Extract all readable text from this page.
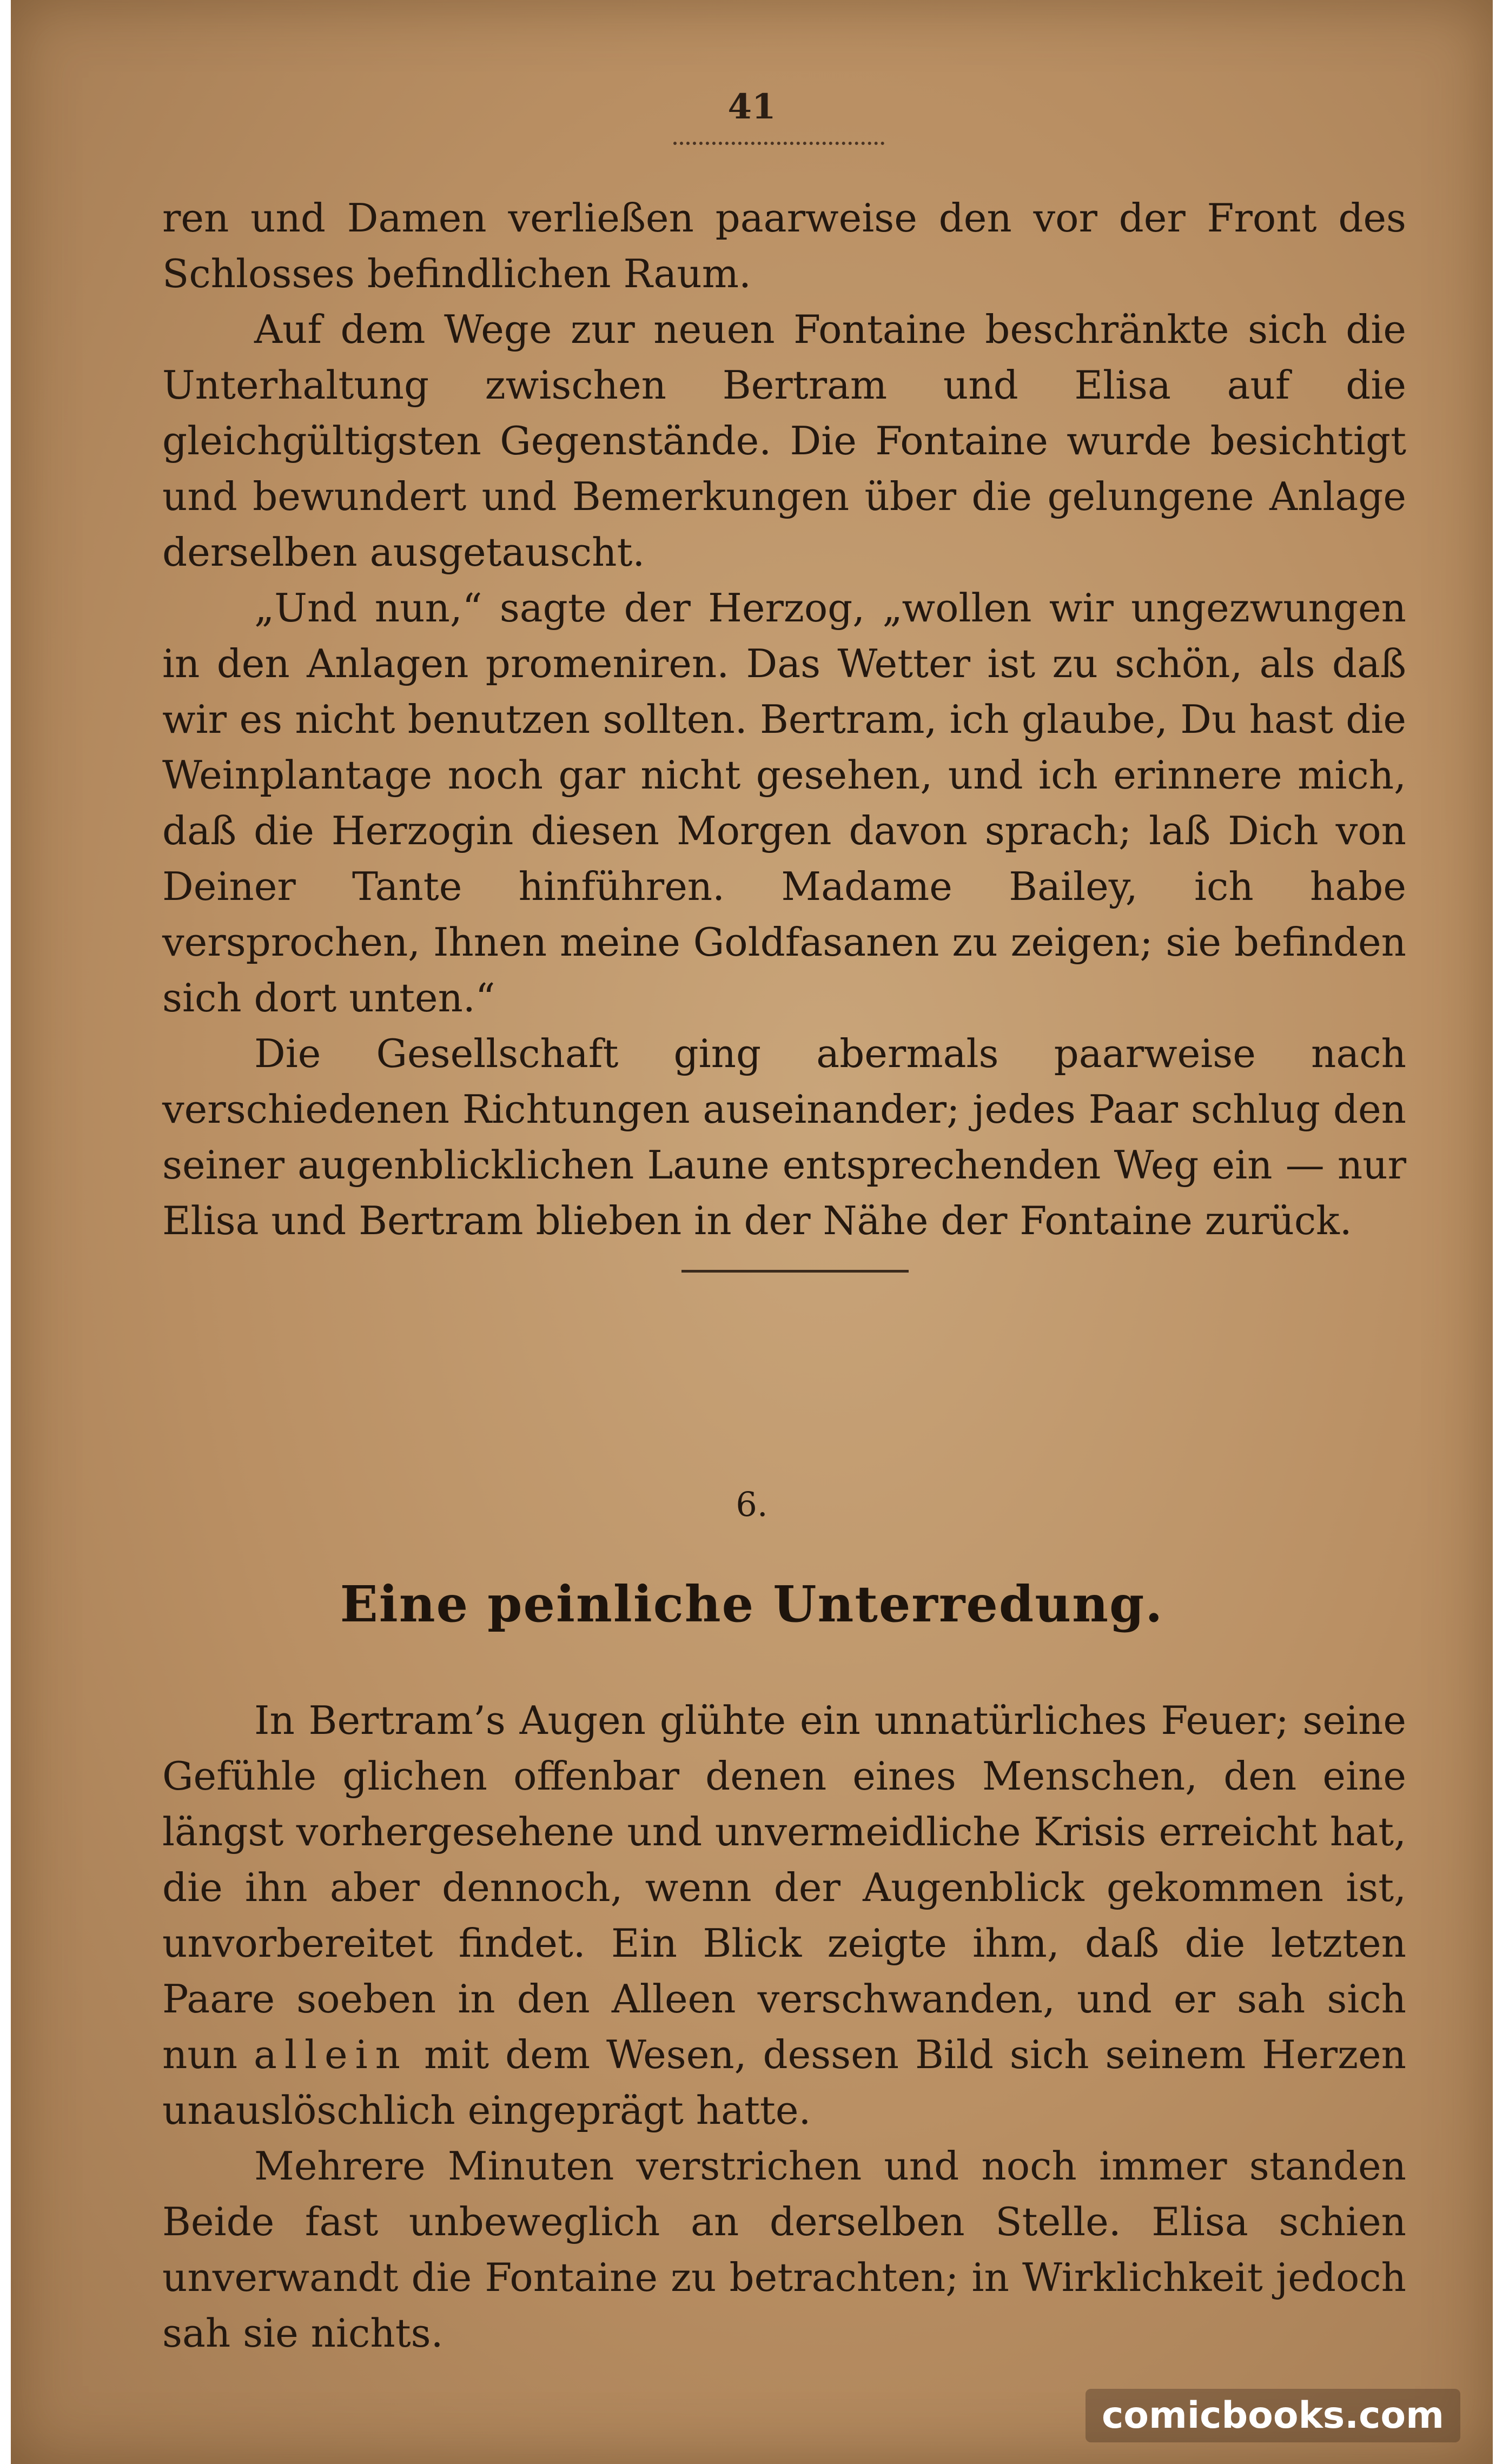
41

ren und Damen verließen paarweise den vor der Front des Schlosses befindlichen Raum.

Auf dem Wege zur neuen Fontaine beschränkte sich die Unterhaltung zwischen Bertram und Elisa auf die gleichgültigsten Gegenstände. Die Fontaine wurde besichtigt und bewundert und Bemerkungen über die gelungene Anlage derselben ausgetauscht.

„Und nun,“ sagte der Herzog, „wollen wir ungezwungen in den Anlagen promeniren. Das Wetter ist zu schön, als daß wir es nicht benutzen sollten. Bertram, ich glaube, Du hast die Weinplantage noch gar nicht gesehen, und ich erinnere mich, daß die Herzogin diesen Morgen davon sprach; laß Dich von Deiner Tante hinführen. Madame Bailey, ich habe versprochen, Ihnen meine Goldfasanen zu zeigen; sie befinden sich dort unten.“

Die Gesellschaft ging abermals paarweise nach verschiedenen Richtungen auseinander; jedes Paar schlug den seiner augenblicklichen Laune entsprechenden Weg ein — nur Elisa und Bertram blieben in der Nähe der Fontaine zurück.

6.
Eine peinliche Unterredung.

In Bertram’s Augen glühte ein unnatürliches Feuer; seine Gefühle glichen offenbar denen eines Menschen, den eine längst vorhergesehene und unvermeidliche Krisis erreicht hat, die ihn aber dennoch, wenn der Augenblick gekommen ist, unvorbereitet findet. Ein Blick zeigte ihm, daß die letzten Paare soeben in den Alleen verschwanden, und er sah sich nun allein mit dem Wesen, dessen Bild sich seinem Herzen unauslöschlich eingeprägt hatte.

Mehrere Minuten verstrichen und noch immer standen Beide fast unbeweglich an derselben Stelle. Elisa schien unverwandt die Fontaine zu betrachten; in Wirklichkeit jedoch sah sie nichts.

comicbooks.com
